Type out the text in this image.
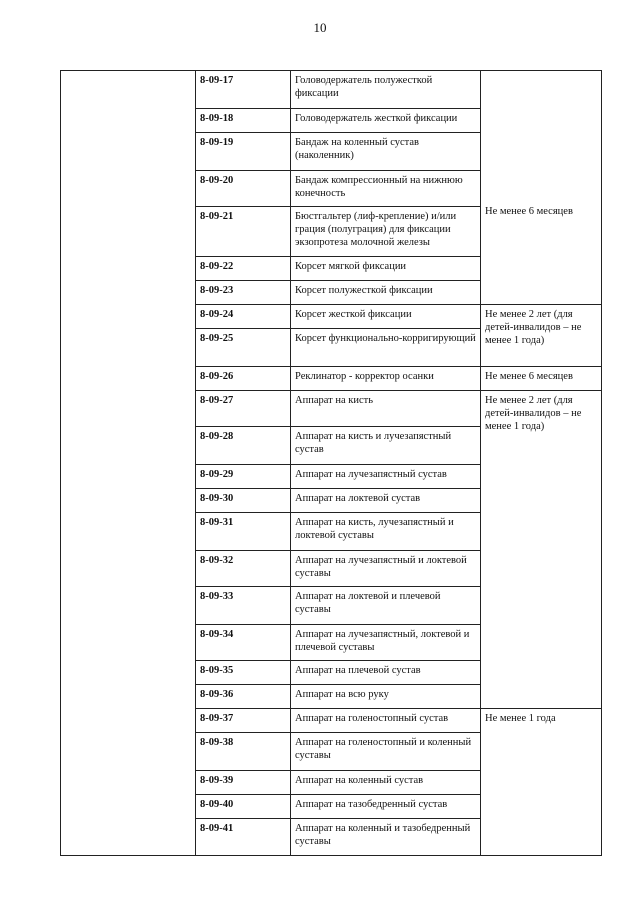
10
	8-09-17	Головодержатель полужесткой фиксации	Не менее 6 месяцев

	8-09-18	Головодержатель жесткой фиксации	
	8-09-19	Бандаж на коленный сустав (наколенник)	
	8-09-20	Бандаж компрессионный на нижнюю конечность	
	8-09-21	Бюстгальтер (лиф-крепление) и/или грация (полуграция) для фиксации экзопротеза молочной железы	
	8-09-22	Корсет мягкой фиксации	
	8-09-23	Корсет полужесткой фиксации	
	8-09-24	Корсет жесткой фиксации	Не менее 2 лет (для детей-инвалидов – не менее 1 года)
	8-09-25	Корсет функционально-корригирующий	
	8-09-26	Реклинатор - корректор осанки	Не менее 6 месяцев
	8-09-27	Аппарат на кисть	Не менее 2 лет (для детей-инвалидов – не менее 1 года)
	8-09-28	Аппарат на кисть и лучезапястный сустав	
	8-09-29	Аппарат на лучезапястный сустав	
	8-09-30	Аппарат на локтевой сустав	
	8-09-31	Аппарат на кисть, лучезапястный и локтевой суставы	
	8-09-32	Аппарат на лучезапястный и локтевой суставы	
	8-09-33	Аппарат на локтевой и плечевой суставы	
	8-09-34	Аппарат на лучезапястный, локтевой и плечевой суставы	
	8-09-35	Аппарат на плечевой сустав	
	8-09-36	Аппарат на всю руку	
	8-09-37	Аппарат на голеностопный сустав	Не менее 1 года
	8-09-38	Аппарат на голеностопный и коленный суставы	
	8-09-39	Аппарат на коленный сустав	
	8-09-40	Аппарат на тазобедренный сустав	
	8-09-41	Аппарат на коленный и тазобедренный суставы	
